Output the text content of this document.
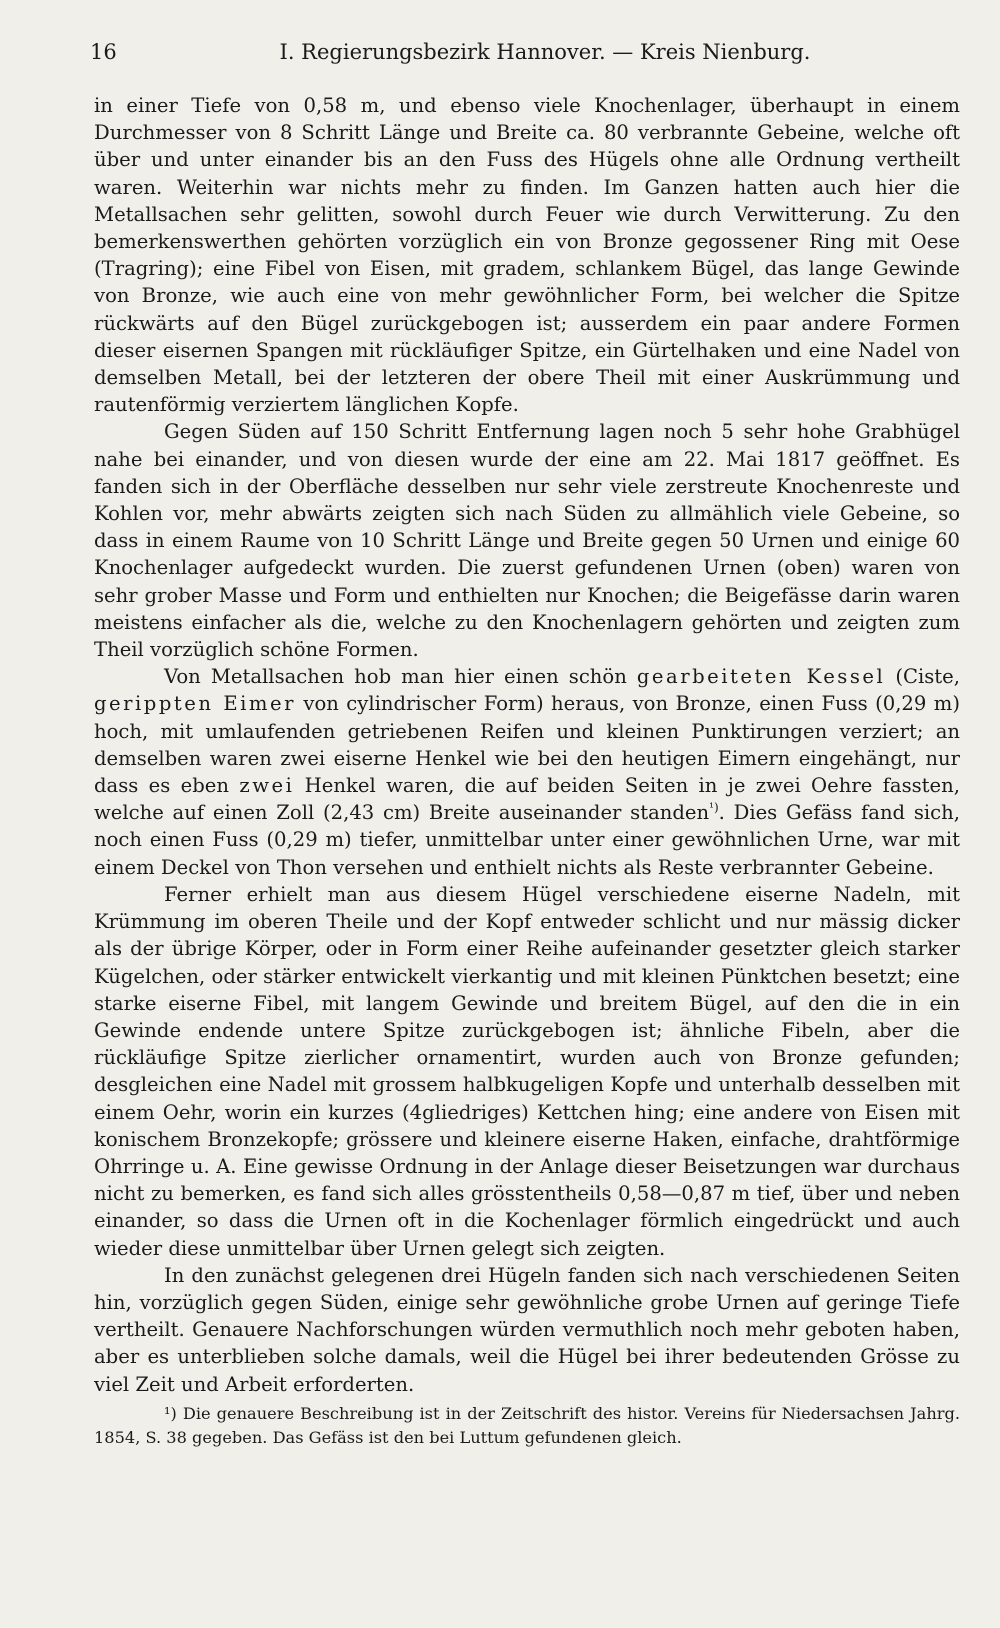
16	I. Regierungsbezirk Hannover. — Kreis Nienburg.

in einer Tiefe von 0,58 m, und ebenso viele Knochenlager, überhaupt in einem Durchmesser von 8 Schritt Länge und Breite ca. 80 verbrannte Gebeine, welche oft über und unter einander bis an den Fuss des Hügels ohne alle Ordnung vertheilt waren. Weiterhin war nichts mehr zu finden. Im Ganzen hatten auch hier die Metallsachen sehr gelitten, sowohl durch Feuer wie durch Verwitterung. Zu den bemerkenswerthen gehörten vorzüglich ein von Bronze gegossener Ring mit Oese (Tragring); eine Fibel von Eisen, mit gradem, schlankem Bügel, das lange Gewinde von Bronze, wie auch eine von mehr gewöhnlicher Form, bei welcher die Spitze rückwärts auf den Bügel zurückgebogen ist; ausserdem ein paar andere Formen dieser eisernen Spangen mit rückläufiger Spitze, ein Gürtelhaken und eine Nadel von demselben Metall, bei der letzteren der obere Theil mit einer Auskrümmung und rautenförmig verziertem länglichen Kopfe.

Gegen Süden auf 150 Schritt Entfernung lagen noch 5 sehr hohe Grabhügel nahe bei einander, und von diesen wurde der eine am 22. Mai 1817 geöffnet. Es fanden sich in der Oberfläche desselben nur sehr viele zerstreute Knochenreste und Kohlen vor, mehr abwärts zeigten sich nach Süden zu allmählich viele Gebeine, so dass in einem Raume von 10 Schritt Länge und Breite gegen 50 Urnen und einige 60 Knochenlager aufgedeckt wurden. Die zuerst gefundenen Urnen (oben) waren von sehr grober Masse und Form und enthielten nur Knochen; die Beigefässe darin waren meistens einfacher als die, welche zu den Knochenlagern gehörten und zeigten zum Theil vorzüglich schöne Formen.

Von Metallsachen hob man hier einen schön gearbeiteten Kessel (Ciste, gerippten Eimer von cylindrischer Form) heraus, von Bronze, einen Fuss (0,29 m) hoch, mit umlaufenden getriebenen Reifen und kleinen Punktirungen verziert; an demselben waren zwei eiserne Henkel wie bei den heutigen Eimern eingehängt, nur dass es eben zwei Henkel waren, die auf beiden Seiten in je zwei Oehre fassten, welche auf einen Zoll (2,43 cm) Breite auseinander standen$^{^1)}$. Dies Gefäss fand sich, noch einen Fuss (0,29 m) tiefer, unmittelbar unter einer gewöhnlichen Urne, war mit einem Deckel von Thon versehen und enthielt nichts als Reste verbrannter Gebeine.

Ferner erhielt man aus diesem Hügel verschiedene eiserne Nadeln, mit Krümmung im oberen Theile und der Kopf entweder schlicht und nur mässig dicker als der übrige Körper, oder in Form einer Reihe aufeinander gesetzter gleich starker Kügelchen, oder stärker entwickelt vierkantig und mit kleinen Pünktchen besetzt; eine starke eiserne Fibel, mit langem Gewinde und breitem Bügel, auf den die in ein Gewinde endende untere Spitze zurückgebogen ist; ähnliche Fibeln, aber die rückläufige Spitze zierlicher ornamentirt, wurden auch von Bronze gefunden; desgleichen eine Nadel mit grossem halbkugeligen Kopfe und unterhalb desselben mit einem Oehr, worin ein kurzes (4gliedriges) Kettchen hing; eine andere von Eisen mit konischem Bronzekopfe; grössere und kleinere eiserne Haken, einfache, drahtförmige Ohrringe u. A. Eine gewisse Ordnung in der Anlage dieser Beisetzungen war durchaus nicht zu bemerken, es fand sich alles grösstentheils 0,58—0,87 m tief, über und neben einander, so dass die Urnen oft in die Kochenlager förmlich eingedrückt und auch wieder diese unmittelbar über Urnen gelegt sich zeigten.

In den zunächst gelegenen drei Hügeln fanden sich nach verschiedenen Seiten hin, vorzüglich gegen Süden, einige sehr gewöhnliche grobe Urnen auf geringe Tiefe vertheilt. Genauere Nachforschungen würden vermuthlich noch mehr geboten haben, aber es unterblieben solche damals, weil die Hügel bei ihrer bedeutenden Grösse zu viel Zeit und Arbeit erforderten.

¹) Die genauere Beschreibung ist in der Zeitschrift des histor. Vereins für Niedersachsen Jahrg. 1854, S. 38 gegeben. Das Gefäss ist den bei Luttum gefundenen gleich.
